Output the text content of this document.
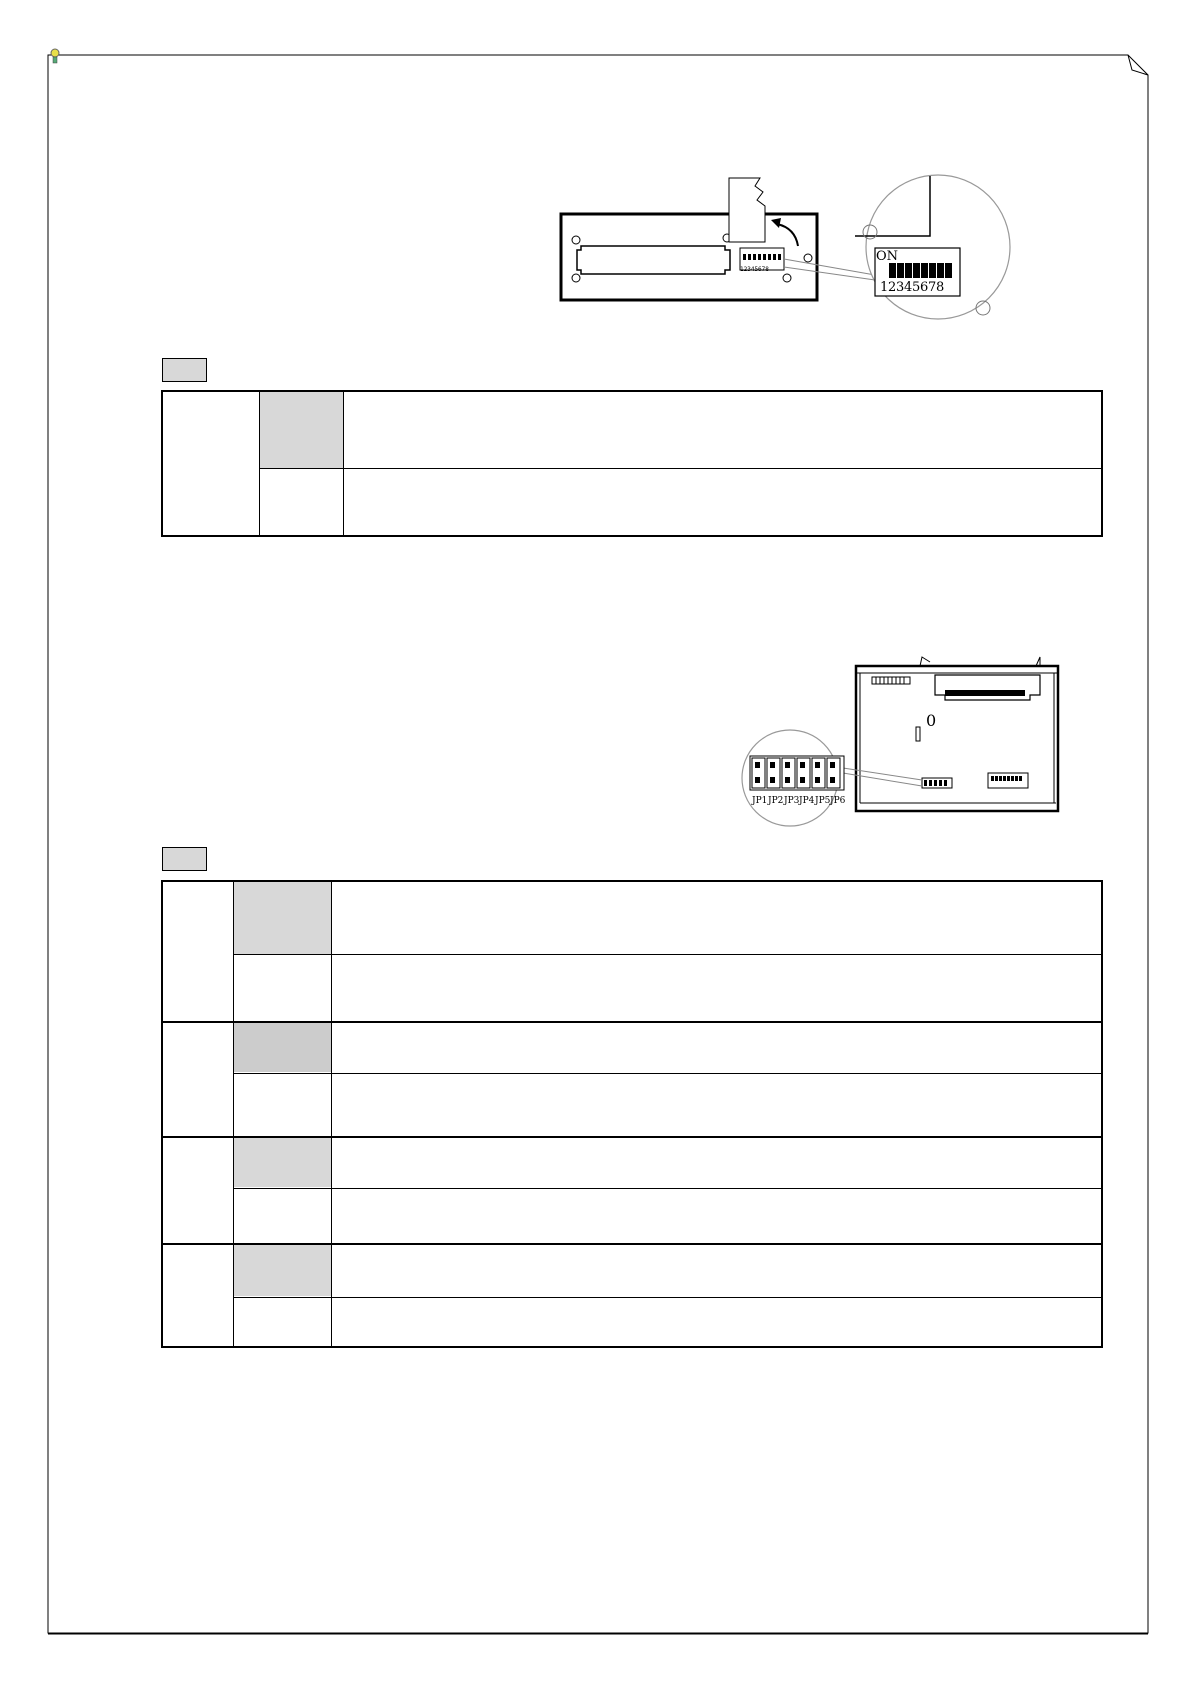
ON
1 2 3 4 5 6 7 8
12345678
JP1 JP2 JP3 JP4 JP5 JP6
0
